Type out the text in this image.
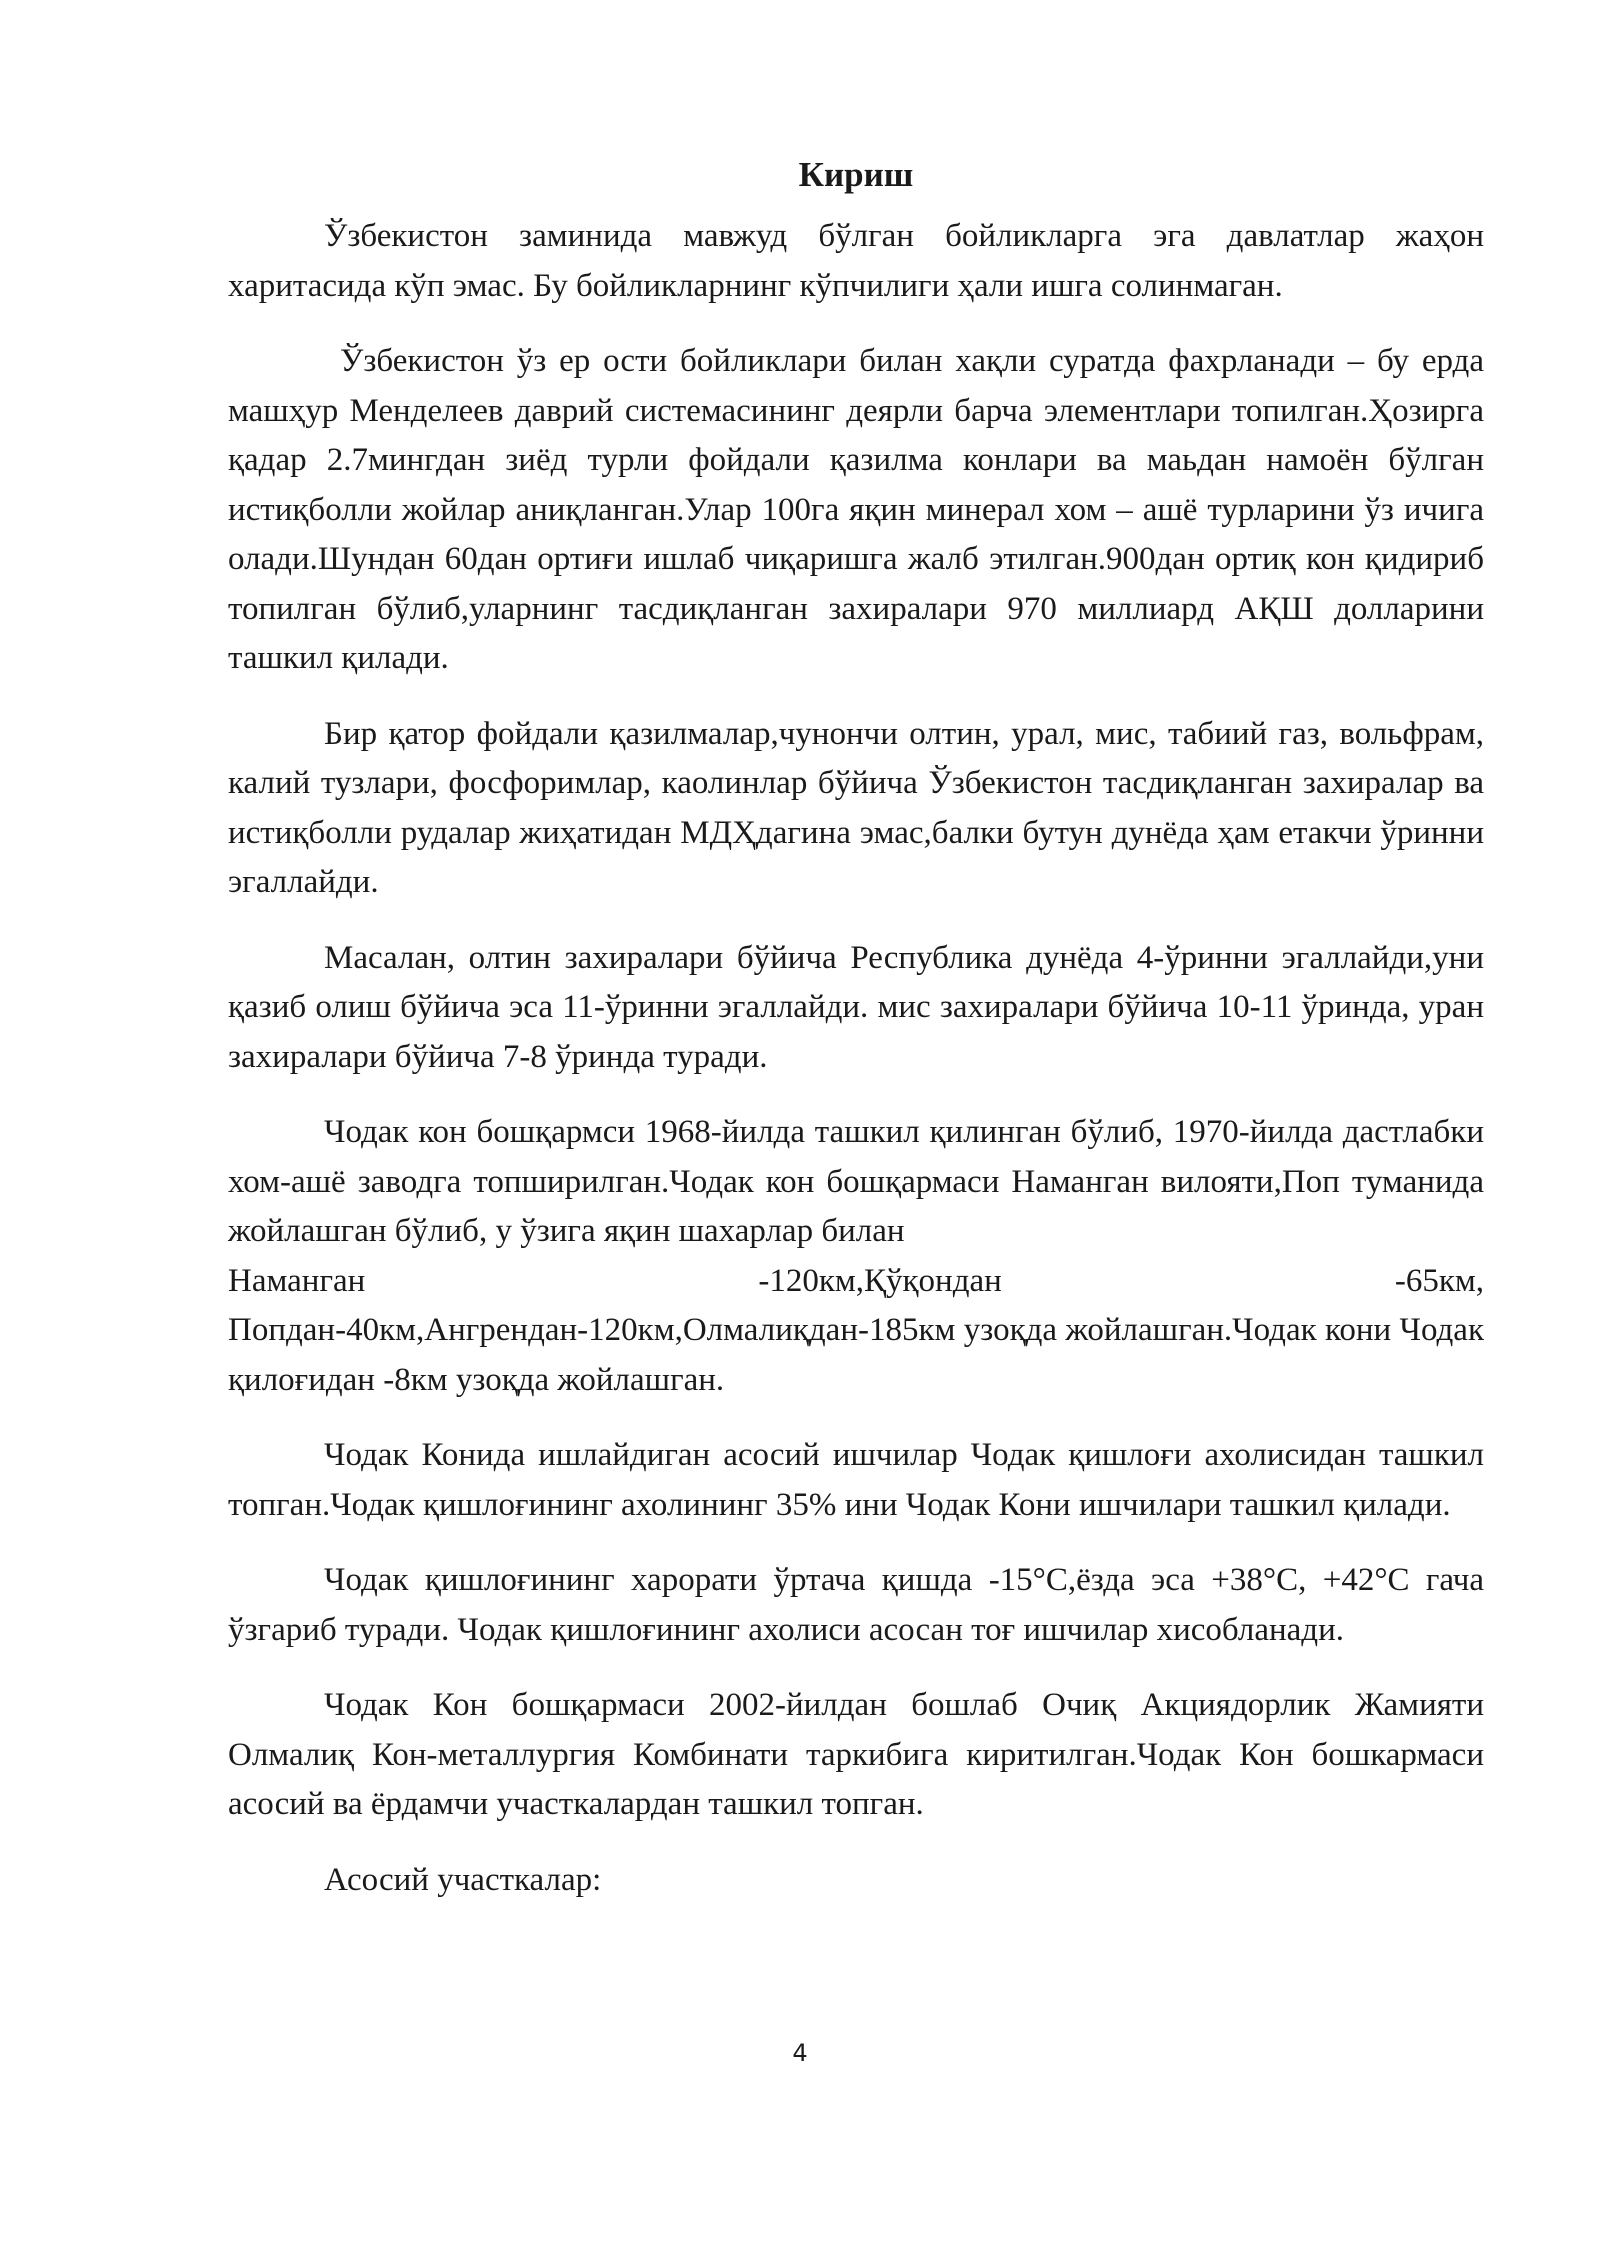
Кириш

Ўзбекистон заминида мавжуд бўлган бойликларга эга давлатлар жаҳон харитасида кўп эмас. Бу бойликларнинг кўпчилиги ҳали ишга солинмаган.

Ўзбекистон ўз ер ости бойликлари билан хақли суратда фахрланади – бу ерда машҳур Менделеев даврий системасининг деярли барча элементлари топилган.Ҳозирга қадар 2.7мингдан зиёд турли фойдали қазилма конлари ва маьдан намоён бўлган истиқболли жойлар аниқланган.Улар 100га яқин минерал хом – ашё турларини ўз ичига олади.Шундан 60дан ортиғи ишлаб чиқаришга жалб этилган.900дан ортиқ кон қидириб топилган бўлиб,уларнинг тасдиқланган захиралари 970 миллиард АҚШ долларини ташкил қилади.

Бир қатор фойдали қазилмалар,чунончи олтин, урал, мис, табиий газ, вольфрам, калий тузлари, фосфоримлар, каолинлар бўйича Ўзбекистон тасдиқланган захиралар ва истиқболли рудалар жиҳатидан МДҲдагина эмас,балки бутун дунёда ҳам етакчи ўринни эгаллайди.

Масалан, олтин захиралари бўйича Республика дунёда 4-ўринни эгаллайди,уни қазиб олиш бўйича эса 11-ўринни эгаллайди. мис захиралари бўйича 10-11 ўринда, уран захиралари бўйича 7-8 ўринда туради.

Чодак кон бошқармси 1968-йилда ташкил қилинган бўлиб, 1970-йилда дастлабки хом-ашё заводга топширилган.Чодак кон бошқармаси Наманган вилояти,Поп туманида жойлашган бўлиб, у ўзига яқин шахарлар билан
Наманган -120км,Қўқондан -65км,
Попдан-40км,Ангрендан-120км,Олмалиқдан-185км узоқда жойлашган.Чодак кони Чодак қилоғидан -8км узоқда жойлашган.

Чодак Конида ишлайдиган асосий ишчилар Чодак қишлоғи ахолисидан ташкил топган.Чодак қишлоғининг ахолининг 35% ини Чодак Кони ишчилари ташкил қилади.

Чодак қишлоғининг харорати ўртача қишда -15°С,ёзда эса +38°С, +42°С гача ўзгариб туради. Чодак қишлоғининг ахолиси асосан тоғ ишчилар хисобланади.

Чодак Кон бошқармаси 2002-йилдан бошлаб Очиқ Акциядорлик Жамияти Олмалиқ Кон-металлургия Комбинати таркибига киритилган.Чодак Кон бошкармаси асосий ва ёрдамчи участкалардан ташкил топган.

Асосий участкалар:

4
